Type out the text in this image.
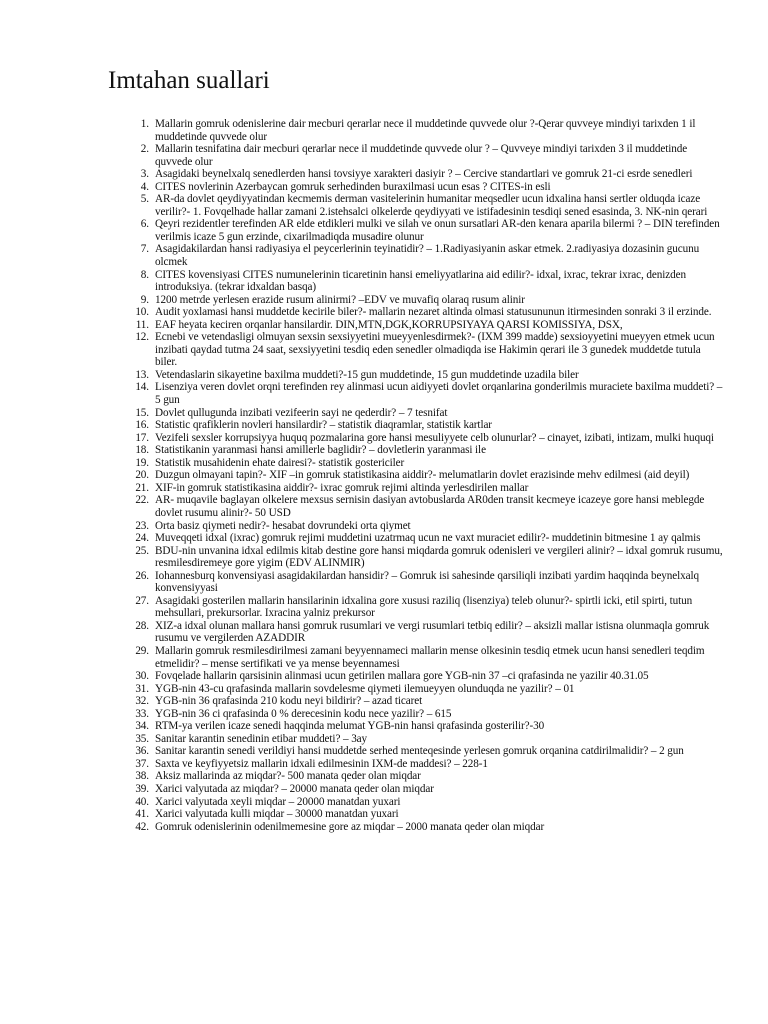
Imtahan suallari
1. Mallarin gomruk odenislerine dair mecburi qerarlar nece il muddetinde quvvede olur ?-Qerar quvveye mindiyi tarixden 1 il muddetinde quvvede olur
2. Mallarin tesnifatina dair mecburi qerarlar nece il muddetinde quvvede olur ? – Quvveye mindiyi tarixden 3 il muddetinde quvvede olur
3. Asagidaki beynelxalq senedlerden hansi tovsiyye xarakteri dasiyir ? – Cercive standartlari ve gomruk 21-ci esrde senedleri
4. CITES novlerinin Azerbaycan gomruk serhedinden buraxilmasi ucun esas ? CITES-in esli
5. AR-da dovlet qeydiyyatindan kecmemis derman vasitelerinin humanitar meqsedler ucun idxalina hansi sertler olduqda icaze verilir?- 1. Fovqelhade hallar zamani 2.istehsalci olkelerde qeydiyyati ve istifadesinin tesdiqi sened esasinda, 3. NK-nin qerari
6. Qeyri rezidentler terefinden AR elde etdikleri mulki ve silah ve onun sursatlari AR-den kenara aparila bilermi ? – DIN terefinden verilmis icaze 5 gun erzinde, cixarilmadiqda musadire olunur
7. Asagidakilardan hansi radiyasiya el peycerlerinin teyinatidir? – 1.Radiyasiyanin askar etmek. 2.radiyasiya dozasinin gucunu olcmek
8. CITES kovensiyasi CITES numunelerinin ticaretinin hansi emeliyyatlarina aid edilir?- idxal, ixrac, tekrar ixrac, denizden introduksiya. (tekrar idxaldan basqa)
9. 1200 metrde yerlesen erazide rusum alinirmi? –EDV ve muvafiq olaraq rusum alinir
10. Audit yoxlamasi hansi muddetde kecirile biler?- mallarin nezaret altinda olmasi statusununun itirmesinden sonraki 3 il erzinde.
11. EAF heyata keciren orqanlar hansilardir. DIN,MTN,DGK,KORRUPSIYAYA QARSI KOMISSIYA, DSX,
12. Ecnebi ve vetendasligi olmuyan sexsin sexsiyyetini mueyyenlesdirmek?- (IXM 399 madde) sexsioyyetini mueyyen etmek ucun inzibati qaydad tutma 24 saat, sexsiyyetini tesdiq eden senedler olmadiqda ise Hakimin qerari ile 3 gunedek muddetde tutula biler.
13. Vetendaslarin sikayetine baxilma muddeti?-15 gun muddetinde, 15 gun muddetinde uzadila biler
14. Lisenziya veren dovlet orqni terefinden rey alinmasi ucun aidiyyeti dovlet orqanlarina gonderilmis muraciete baxilma muddeti? – 5 gun
15. Dovlet qullugunda inzibati vezifeerin sayi ne qederdir? – 7 tesnifat
16. Statistic qrafiklerin novleri hansilardir? – statistik diaqramlar, statistik kartlar
17. Vezifeli sexsler korrupsiyya huquq pozmalarina gore hansi mesuliyyete celb olunurlar? – cinayet, izibati, intizam, mulki huquqi
18. Statistikanin yaranmasi hansi amillerle baglidir? – dovletlerin yaranmasi ile
19. Statistik musahidenin ehate dairesi?- statistik gostericiler
20. Duzgun olmayani tapin?- XIF –in gomruk statistikasina aiddir?- melumatlarin dovlet erazisinde mehv edilmesi (aid deyil)
21. XIF-in gomruk statistikasina aiddir?- ixrac gomruk rejimi altinda yerlesdirilen mallar
22. AR- muqavile baglayan olkelere mexsus sernisin dasiyan avtobuslarda AR0den transit kecmeye icazeye gore hansi meblegde dovlet rusumu alinir?- 50 USD
23. Orta basiz qiymeti nedir?- hesabat dovrundeki orta qiymet
24. Muveqqeti idxal (ixrac) gomruk rejimi muddetini uzatrmaq ucun ne vaxt muraciet edilir?- muddetinin bitmesine 1 ay qalmis
25. BDU-nin unvanina idxal edilmis kitab destine gore hansi miqdarda gomruk odenisleri ve vergileri alinir? – idxal gomruk rusumu, resmilesdiremeye gore yigim (EDV ALINMIR)
26. Iohannesburq konvensiyasi asagidakilardan hansidir? – Gomruk isi sahesinde qarsiliqli inzibati yardim haqqinda beynelxalq konvensiyyasi
27. Asagidaki gosterilen mallarin hansilarinin idxalina gore xususi raziliq (lisenziya) teleb olunur?- spirtli icki, etil spirti, tutun mehsullari, prekursorlar. Ixracina yalniz prekursor
28. XIZ-a idxal olunan mallara hansi gomruk rusumlari ve vergi rusumlari tetbiq edilir? – aksizli mallar istisna olunmaqla gomruk rusumu ve vergilerden AZADDIR
29. Mallarin gomruk resmilesdirilmesi zamani beyyennameci mallarin mense olkesinin tesdiq etmek ucun hansi senedleri teqdim etmelidir? – mense sertifikati ve ya mense beyennamesi
30. Fovqelade hallarin qarsisinin alinmasi ucun getirilen mallara gore YGB-nin 37 –ci qrafasinda ne yazilir 40.31.05
31. YGB-nin 43-cu qrafasinda mallarin sovdelesme qiymeti ilemueyyen olunduqda ne yazilir? – 01
32. YGB-nin 36 qrafasinda 210 kodu neyi bildirir? – azad ticaret
33. YGB-nin 36 ci qrafasinda 0 % derecesinin kodu nece yazilir? – 615
34. RTM-ya verilen icaze senedi haqqinda melumat YGB-nin hansi qrafasinda gosterilir?-30
35. Sanitar karantin senedinin etibar muddeti? – 3ay
36. Sanitar karantin senedi verildiyi hansi muddetde serhed menteqesinde yerlesen gomruk orqanina catdirilmalidir? – 2 gun
37. Saxta ve keyfiyyetsiz mallarin idxali edilmesinin IXM-de maddesi? – 228-1
38. Aksiz mallarinda az miqdar?- 500 manata qeder olan miqdar
39. Xarici valyutada az miqdar? – 20000 manata qeder olan miqdar
40. Xarici valyutada xeyli miqdar – 20000 manatdan yuxari
41. Xarici valyutada kulli miqdar – 30000 manatdan yuxari
42. Gomruk odenislerinin odenilmemesine gore az miqdar – 2000 manata qeder olan miqdar
